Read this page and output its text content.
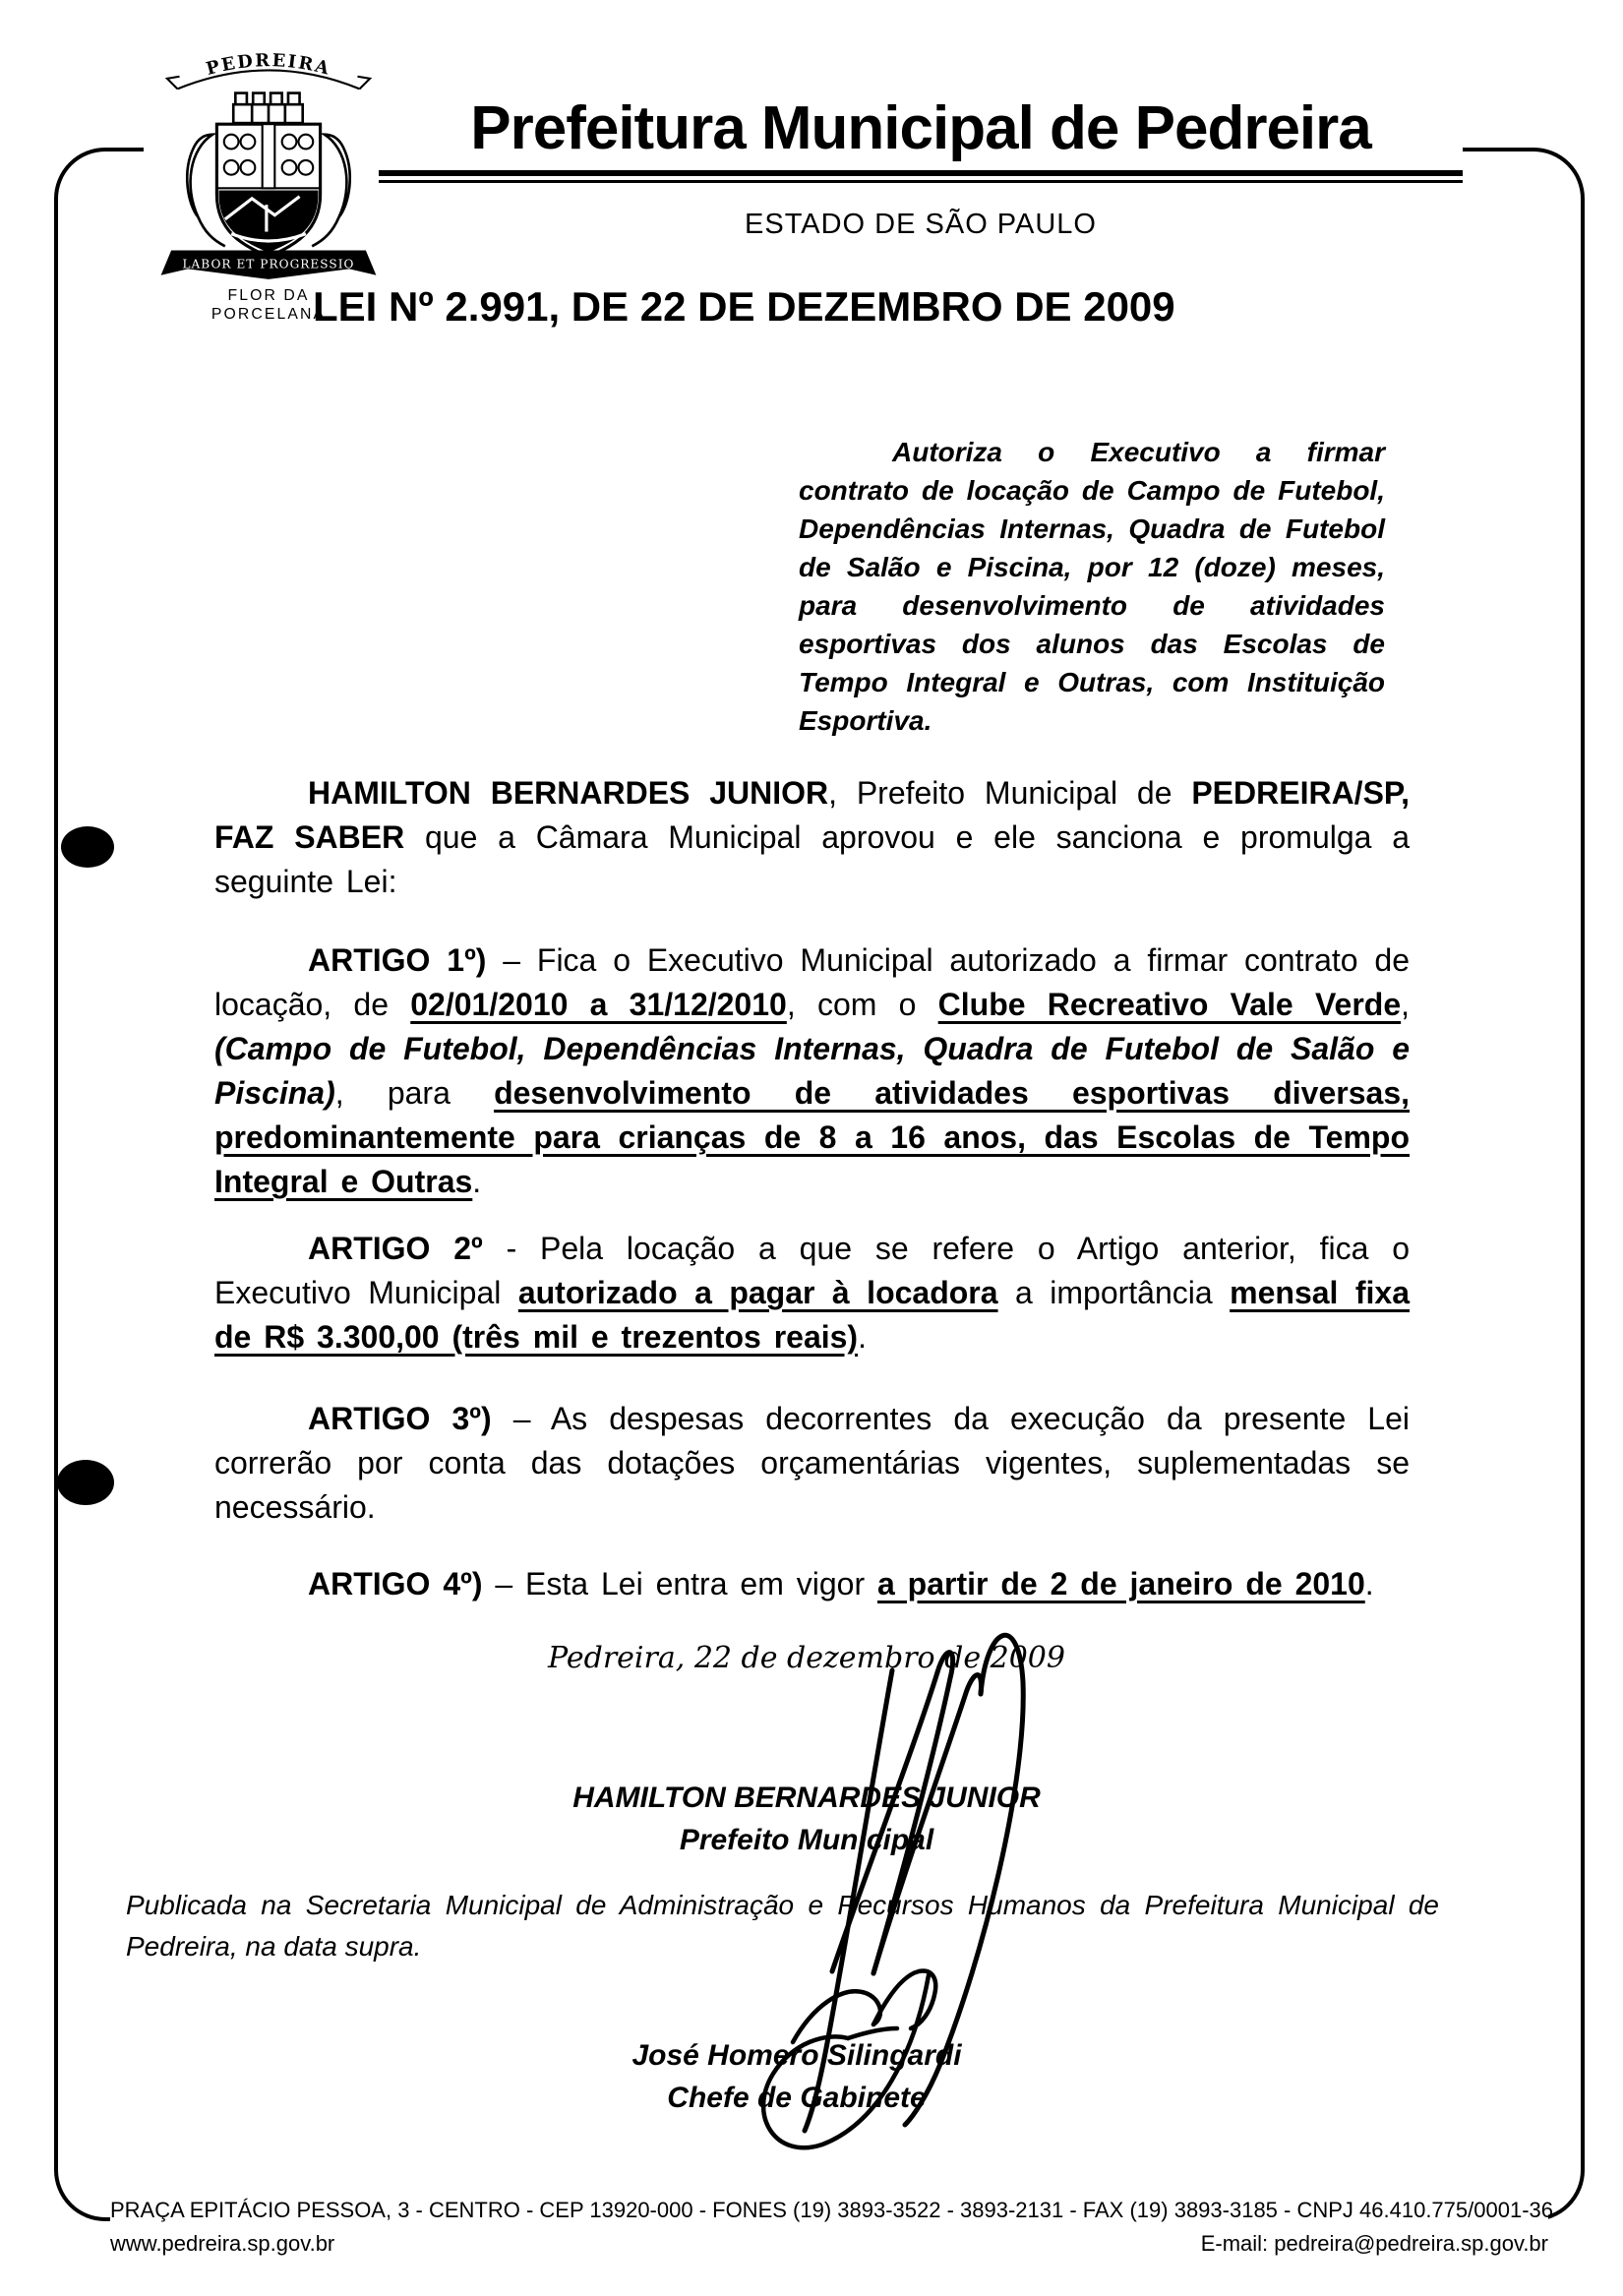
PEDREIRA
LABOR ET PROGRESSIO
FLOR DA
PORCELANA
Prefeitura Municipal de Pedreira
ESTADO DE SÃO PAULO
LEI Nº 2.991, DE 22 DE DEZEMBRO DE 2009
Autoriza o Executivo a firmar contrato de locação de Campo de Futebol, Dependências Internas, Quadra de Futebol de Salão e Piscina, por 12 (doze) meses, para desenvolvimento de atividades esportivas dos alunos das Escolas de Tempo Integral e Outras, com Instituição Esportiva.

HAMILTON BERNARDES JUNIOR, Prefeito Municipal de PEDREIRA/SP, FAZ SABER que a Câmara Municipal aprovou e ele sanciona e promulga a seguinte Lei:

ARTIGO 1º) – Fica o Executivo Municipal autorizado a firmar contrato de locação, de 02/01/2010 a 31/12/2010, com o Clube Recreativo Vale Verde, (Campo de Futebol, Dependências Internas, Quadra de Futebol de Salão e Piscina), para desenvolvimento de atividades esportivas diversas, predominantemente para crianças de 8 a 16 anos, das Escolas de Tempo Integral e Outras.

ARTIGO 2º - Pela locação a que se refere o Artigo anterior, fica o Executivo Municipal autorizado a pagar à locadora a importância mensal fixa de R$ 3.300,00 (três mil e trezentos reais).

ARTIGO 3º) – As despesas decorrentes da execução da presente Lei correrão por conta das dotações orçamentárias vigentes, suplementadas se necessário.

ARTIGO 4º) – Esta Lei entra em vigor a partir de 2 de janeiro de 2010.

Pedreira, 22 de dezembro de 2009
HAMILTON BERNARDES JUNIOR
Prefeito Municipal
Publicada na Secretaria Municipal de Administração e Recursos Humanos da Prefeitura Municipal de Pedreira, na data supra.
José Homero Silingardi
Chefe de Gabinete
PRAÇA EPITÁCIO PESSOA, 3 - CENTRO - CEP 13920-000 - FONES (19) 3893-3522 - 3893-2131 - FAX (19) 3893-3185 - CNPJ 46.410.775/0001-36
www.pedreira.sp.gov.br	E-mail: pedreira@pedreira.sp.gov.br
